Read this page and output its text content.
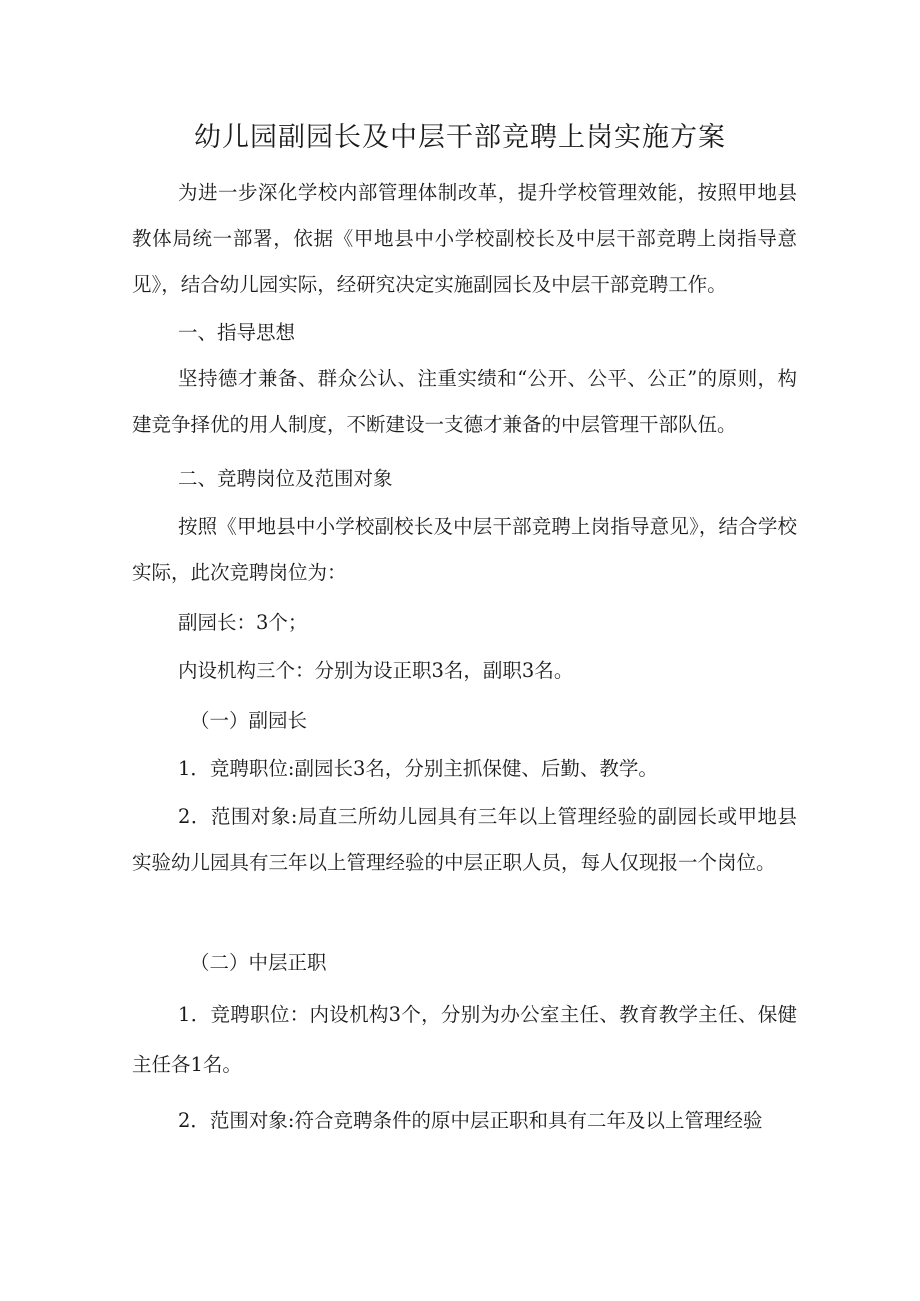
幼儿园副园长及中层干部竞聘上岗实施方案

为进一步深化学校内部管理体制改革，提升学校管理效能，按照甲地县教体局统一部署，依据《甲地县中小学校副校长及中层干部竞聘上岗指导意见》，结合幼儿园实际，经研究决定实施副园长及中层干部竞聘工作。

一、指导思想

坚持德才兼备、群众公认、注重实绩和“公开、公平、公正”的原则，构建竞争择优的用人制度，不断建设一支德才兼备的中层管理干部队伍。

二、竞聘岗位及范围对象

按照《甲地县中小学校副校长及中层干部竞聘上岗指导意见》，结合学校实际，此次竞聘岗位为：

副园长：3个；

内设机构三个：分别为设正职3名，副职3名。

（一）副园长

1．竞聘职位:副园长3名，分别主抓保健、后勤、教学。

2．范围对象:局直三所幼儿园具有三年以上管理经验的副园长或甲地县实验幼儿园具有三年以上管理经验的中层正职人员，每人仅现报一个岗位。

（二）中层正职

1．竞聘职位：内设机构3个，分别为办公室主任、教育教学主任、保健主任各1名。

2．范围对象:符合竞聘条件的原中层正职和具有二年及以上管理经验
